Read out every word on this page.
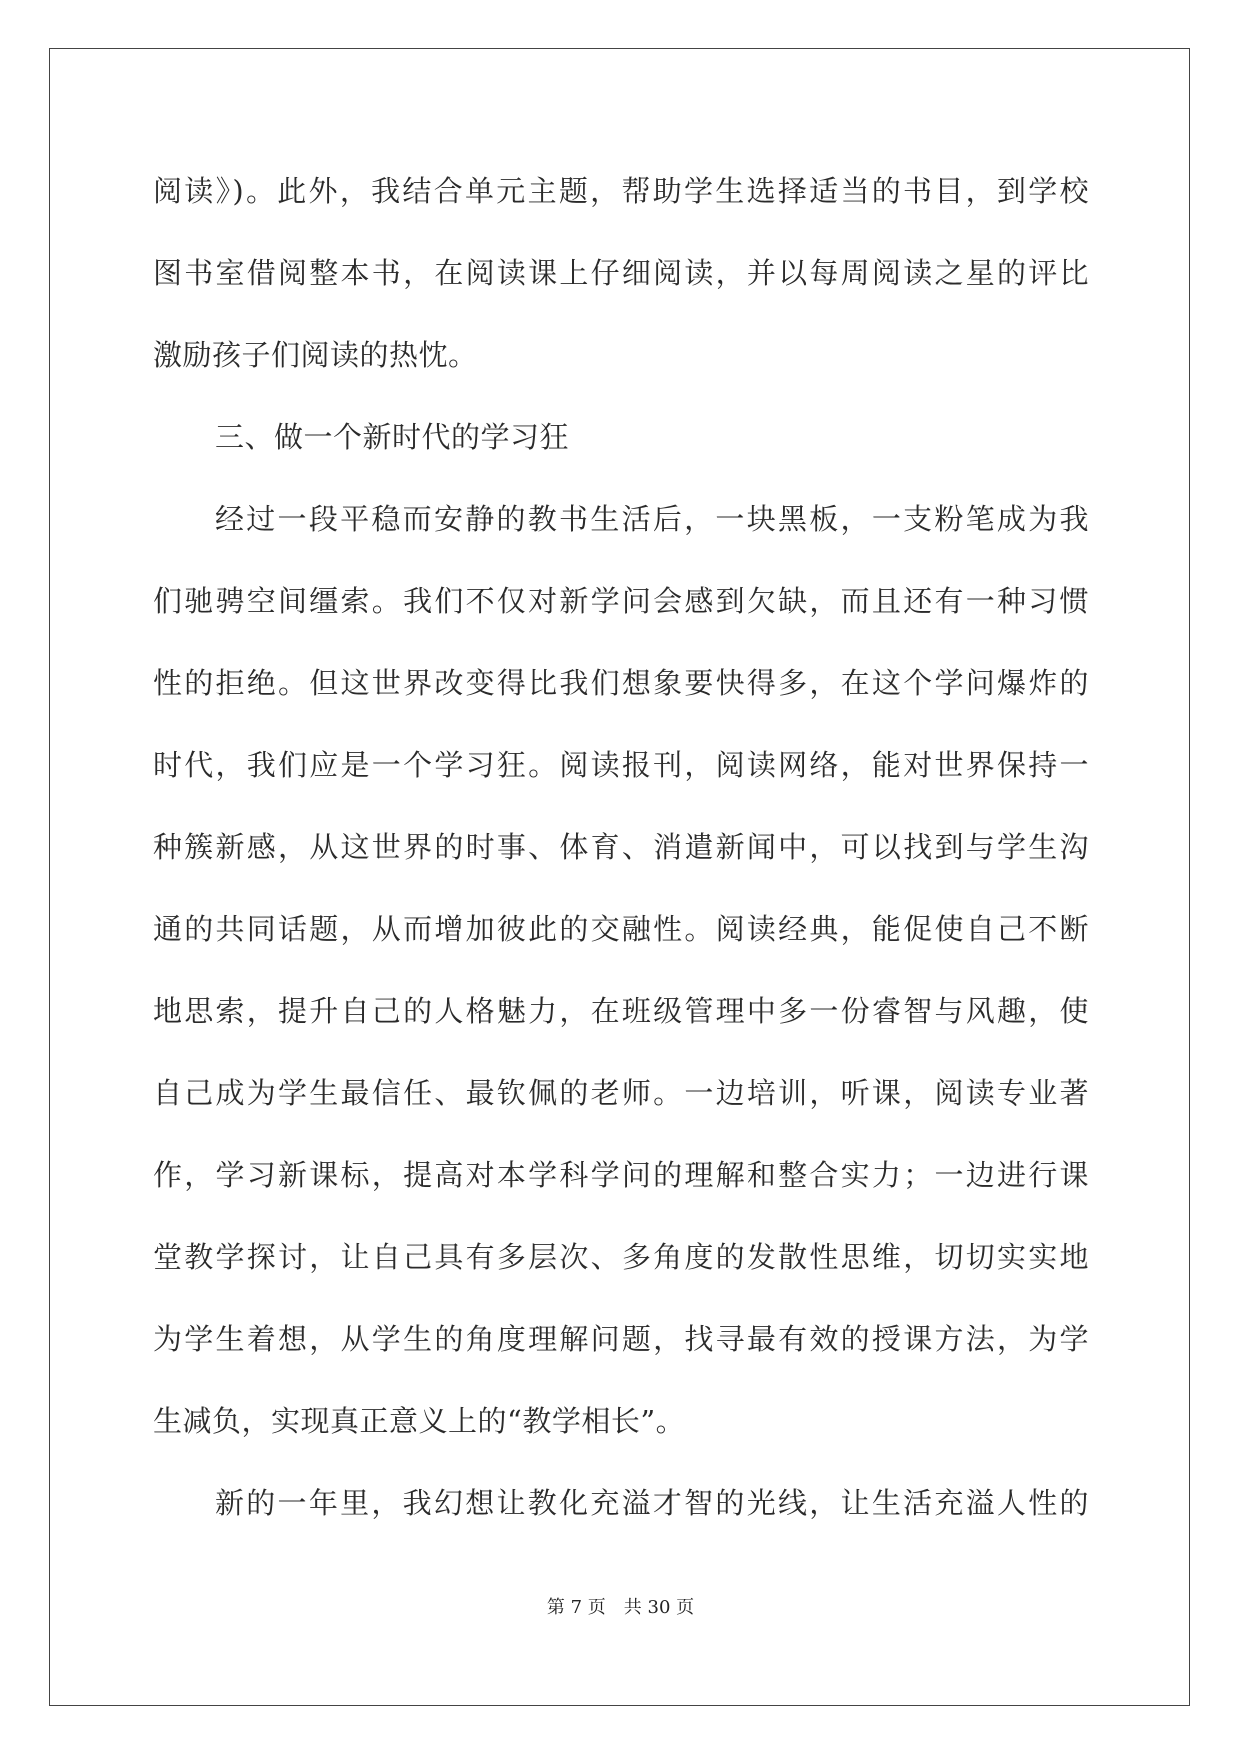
阅读》)。此外，我结合单元主题，帮助学生选择适当的书目，到学校
图书室借阅整本书，在阅读课上仔细阅读，并以每周阅读之星的评比
激励孩子们阅读的热忱。
三、做一个新时代的学习狂
经过一段平稳而安静的教书生活后，一块黑板，一支粉笔成为我
们驰骋空间缰索。我们不仅对新学问会感到欠缺，而且还有一种习惯
性的拒绝。但这世界改变得比我们想象要快得多，在这个学问爆炸的
时代，我们应是一个学习狂。阅读报刊，阅读网络，能对世界保持一
种簇新感，从这世界的时事、体育、消遣新闻中，可以找到与学生沟
通的共同话题，从而增加彼此的交融性。阅读经典，能促使自己不断
地思索，提升自己的人格魅力，在班级管理中多一份睿智与风趣，使
自己成为学生最信任、最钦佩的老师。一边培训，听课，阅读专业著
作，学习新课标，提高对本学科学问的理解和整合实力；一边进行课
堂教学探讨，让自己具有多层次、多角度的发散性思维，切切实实地
为学生着想，从学生的角度理解问题，找寻最有效的授课方法，为学
生减负，实现真正意义上的“教学相长”。
新的一年里，我幻想让教化充溢才智的光线，让生活充溢人性的
第 7 页 共 30 页
